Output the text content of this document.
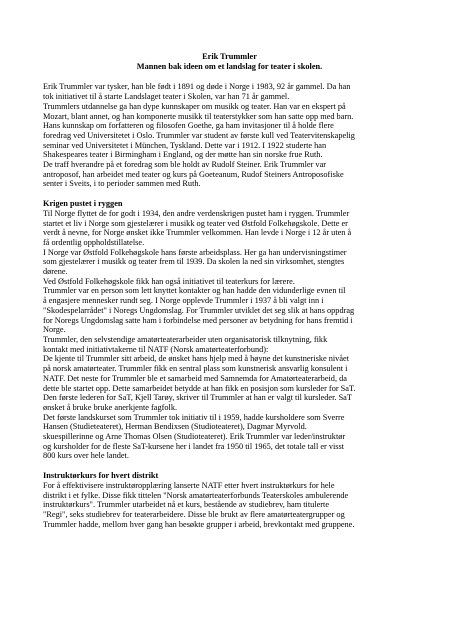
Erik Trummler

Mannen bak ideen om et landslag for teater i skolen.

Erik Trummler var tysker, han ble født i 1891 og døde i Norge i 1983, 92 år gammel. Da han
tok initiativet til å starte Landslaget teater i Skolen, var han 71 år gammel.
Trummlers utdannelse ga han dype kunnskaper om musikk og teater. Han var en ekspert på
Mozart, blant annet, og han komponerte musikk til teaterstykker som han satte opp med barn.
Hans kunnskap om forfatteren og filosofen Goethe, ga ham invitasjoner til å holde flere
foredrag ved Universitetet i Oslo. Trummler var student av første kull ved Teatervitenskapelig
seminar ved Universitetet i München, Tyskland. Dette var i 1912. I 1922 studerte han
Shakespeares teater i Birmingham i England, og der møtte han sin norske frue Ruth.
De traff hverandre på et foredrag som ble holdt av Rudolf Steiner. Erik Trummler var
antroposof, han arbeidet med teater og kurs på Goeteanum, Rudof Steiners Antroposofiske
senter i Sveits, i to perioder sammen med Ruth.

Krigen pustet i ryggen

Til Norge flyttet de for godt i 1934, den andre verdenskrigen pustet ham i ryggen. Trummler
startet et liv i Norge som gjestelærer i musikk og teater ved Østfold Folkehøgskole. Dette er
verdt å nevne, for Norge ønsket ikke Trummler velkommen. Han levde i Norge i 12 år uten å
få ordentlig oppholdstillatelse.
I Norge var Østfold Folkehøgskole hans første arbeidsplass. Her ga han undervisningstimer
som gjestelærer i musikk og teater frem til 1939. Da skolen la ned sin virksomhet, stengtes
dørene.
Ved Østfold Folkehøgskole fikk han også initiativet til teaterkurs for lærere.
Trummler var en person som lett knyttet kontakter og han hadde den vidunderlige evnen til
å engasjere mennesker rundt seg. I Norge opplevde Trummler i 1937 å bli valgt inn i
"Skodespelarrådet" i Noregs Ungdomslag. For Trummler utviklet det seg slik at hans oppdrag
for Noregs Ungdomslag satte ham i forbindelse med personer av betydning for hans fremtid i
Norge.
Trummler, den selvstendige amatørteaterarbeider uten organisatorisk tilknytning, fikk
kontakt med initiativtakerne til NATF (Norsk amatørteaterforbund):
De kjente til Trummler sitt arbeid, de ønsket hans hjelp med å høyne det kunstneriske nivået
på norsk amatørteater. Trummler fikk en sentral plass som kunstnerisk ansvarlig konsulent i
NATF. Det neste for Trummler ble et samarbeid med Samnemda for Amatørteaterarbeid, da
dette ble startet opp. Dette samarbeidet betydde at han fikk en posisjon som kursleder for SaT.
Den første lederen for SaT, Kjell Tarøy, skriver til Trummler at han er valgt til kursleder. SaT
ønsket å bruke bruke anerkjente fagfolk.
Det første landskurset som Trummler tok initiativ til i 1959, hadde kursholdere som Sverre
Hansen (Studieteateret), Herman Bendixsen (Studioteateret), Dagmar Myrvold.
skuespillerinne og Arne Thomas Olsen (Studioteateret). Erik Trummler var leder/instruktør
og kursholder for de fleste SaT-kursene her i landet fra 1950 til 1965, det totale tall er visst
800 kurs over hele landet.

Instruktørkurs for hvert distrikt

For å effektivisere instruktøropplæring lanserte NATF etter hvert instruktørkurs for hele
distrikt i et fylke. Disse fikk tittelen "Norsk amatørteaterforbunds Teaterskoles ambulerende
instruktørkurs". Trummler utarbeidet nå et kurs, bestående av studiebrev, ham titulerte
"Regi", seks studiebrev for teaterarbeidere. Disse ble brukt av flere amatørteatergrupper og
Trummler hadde, mellom hver gang han besøkte grupper i arbeid, brevkontakt med gruppene.
